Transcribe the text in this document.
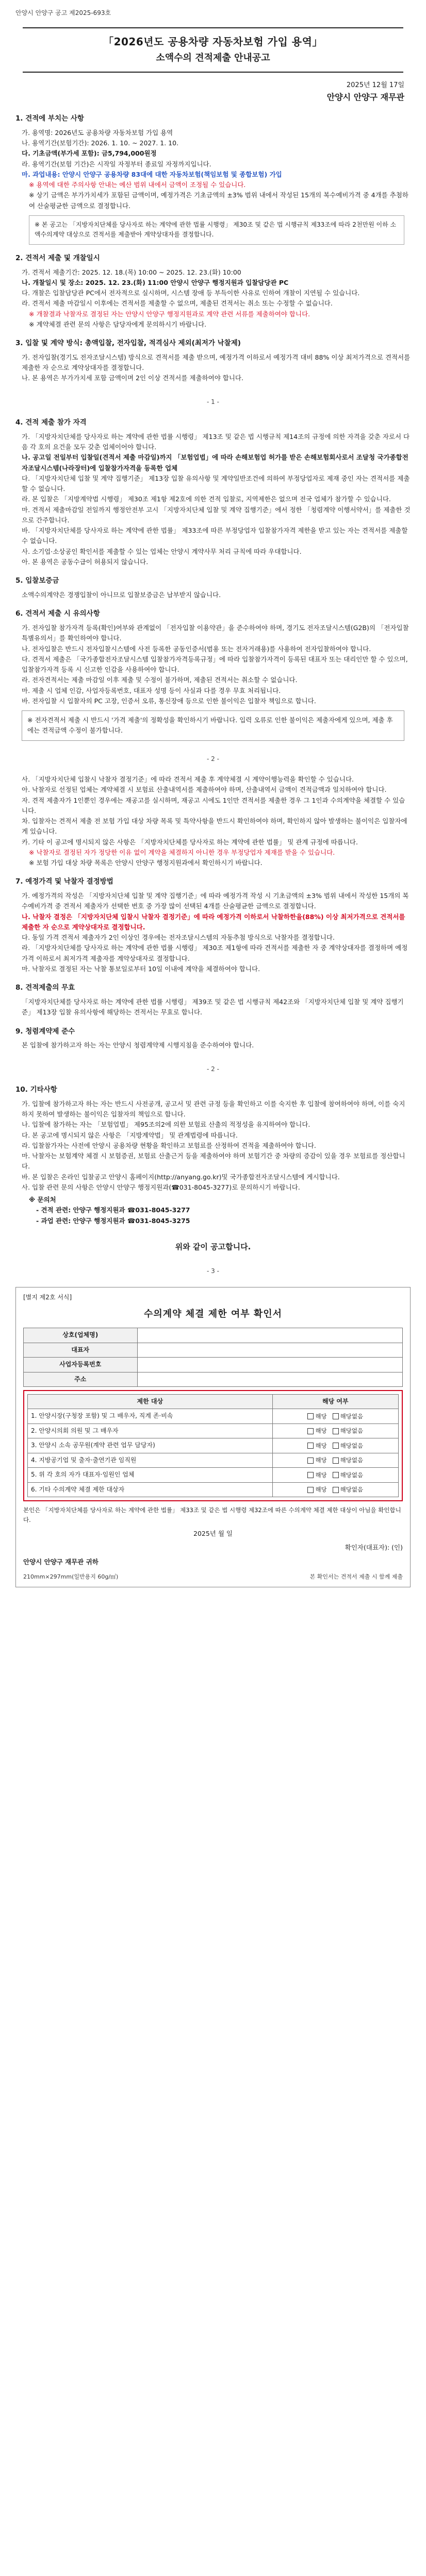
안양시 안양구 공고 제2025-693호
「2026년도 공용차량 자동차보험 가입 용역」
소액수의 견적제출 안내공고
2025년 12월 17일
안양시 안양구 재무관
1. 견적에 부치는 사항
가. 용역명: 2026년도 공용차량 자동차보험 가입 용역
나. 용역기간(보험기간): 2026. 1. 10. ~ 2027. 1. 10.
다. 기초금액(부가세 포함): 금5,794,000원정
라. 용역기간(보험 기간)은 시작일 자정부터 종료일 자정까지입니다.
마. 과업내용: 안양시 안양구 공용차량 83대에 대한 자동차보험(책임보험 및 종합보험) 가입
※ 용역에 대한 주의사항 안내는 예산 범위 내에서 금액이 조정될 수 있습니다.
※ 상기 금액은 부가가치세가 포함된 금액이며, 예정가격은 기초금액의 ±3% 범위 내에서 작성된 15개의 복수예비가격 중 4개를 추첨하여 산술평균한 금액으로 결정합니다.
※ 본 공고는 「지방자치단체를 당사자로 하는 계약에 관한 법률 시행령」 제30조 및 같은 법 시행규칙 제33조에 따라 2천만원 이하 소액수의계약 대상으로 견적서를 제출받아 계약상대자를 결정합니다.
2. 견적서 제출 및 개찰일시
가. 견적서 제출기간: 2025. 12. 18.(목) 10:00 ~ 2025. 12. 23.(화) 10:00
나. 개찰일시 및 장소: 2025. 12. 23.(화) 11:00 안양시 안양구 행정지원과 입찰담당관 PC
다. 개찰은 입찰담당관 PC에서 전자적으로 실시하며, 시스템 장애 등 부득이한 사유로 인하여 개찰이 지연될 수 있습니다.
라. 견적서 제출 마감일시 이후에는 견적서를 제출할 수 없으며, 제출된 견적서는 취소 또는 수정할 수 없습니다.
※ 개찰결과 낙찰자로 결정된 자는 안양시 안양구 행정지원과로 계약 관련 서류를 제출하여야 합니다.
※ 계약체결 관련 문의 사항은 담당자에게 문의하시기 바랍니다.
3. 입찰 및 계약 방식: 총액입찰, 전자입찰, 적격심사 제외(최저가 낙찰제)
가. 전자입찰(경기도 전자조달시스템) 방식으로 견적서를 제출 받으며, 예정가격 이하로서 예정가격 대비 88% 이상 최저가격으로 견적서를 제출한 자 순으로 계약상대자를 결정합니다.
나. 본 용역은 부가가치세 포함 금액이며 2인 이상 견적서를 제출하여야 합니다.
- 1 -
4. 견적 제출 참가 자격
가. 「지방자치단체를 당사자로 하는 계약에 관한 법률 시행령」 제13조 및 같은 법 시행규칙 제14조의 규정에 의한 자격을 갖춘 자로서 다음 각 호의 요건을 모두 갖춘 업체이어야 합니다.
나. 공고일 전일부터 입찰일(견적서 제출 마감일)까지 「보험업법」에 따라 손해보험업 허가를 받은 손해보험회사로서 조달청 국가종합전자조달시스템(나라장터)에 입찰참가자격을 등록한 업체
다. 「지방자치단체 입찰 및 계약 집행기준」 제13장 입찰 유의사항 및 계약일반조건에 의하여 부정당업자로 제재 중인 자는 견적서를 제출할 수 없습니다.
라. 본 입찰은 「지방계약법 시행령」 제30조 제1항 제2호에 의한 견적 입찰로, 지역제한은 없으며 전국 업체가 참가할 수 있습니다.
마. 견적서 제출마감일 전일까지 행정안전부 고시 「지방자치단체 입찰 및 계약 집행기준」에서 정한 「청렴계약 이행서약서」를 제출한 것으로 간주합니다.
바. 「지방자치단체를 당사자로 하는 계약에 관한 법률」 제33조에 따른 부정당업자 입찰참가자격 제한을 받고 있는 자는 견적서를 제출할 수 없습니다.
사. 소기업·소상공인 확인서를 제출할 수 있는 업체는 안양시 계약사무 처리 규칙에 따라 우대합니다.
아. 본 용역은 공동수급이 허용되지 않습니다.
5. 입찰보증금
소액수의계약은 경쟁입찰이 아니므로 입찰보증금은 납부받지 않습니다.
6. 견적서 제출 시 유의사항
가. 전자입찰 참가자격 등록(확인)여부와 관계없이 「전자입찰 이용약관」을 준수하여야 하며, 경기도 전자조달시스템(G2B)의 「전자입찰 특별유의서」를 확인하여야 합니다.
나. 전자입찰은 반드시 전자입찰시스템에 사전 등록한 공동인증서(범용 또는 전자거래용)를 사용하여 전자입찰하여야 합니다.
다. 견적서 제출은 「국가종합전자조달시스템 입찰참가자격등록규정」에 따라 입찰참가자격이 등록된 대표자 또는 대리인만 할 수 있으며, 입찰참가자격 등록 시 신고한 인감을 사용하여야 합니다.
라. 전자견적서는 제출 마감일 이후 제출 및 수정이 불가하며, 제출된 견적서는 취소할 수 없습니다.
마. 제출 시 업체 인감, 사업자등록번호, 대표자 성명 등이 사실과 다를 경우 무효 처리됩니다.
바. 전자입찰 시 입찰자의 PC 고장, 인증서 오류, 통신장애 등으로 인한 불이익은 입찰자 책임으로 합니다.
※ 전자견적서 제출 시 반드시 '가격 제출'의 정확성을 확인하시기 바랍니다. 입력 오류로 인한 불이익은 제출자에게 있으며, 제출 후에는 견적금액 수정이 불가합니다.
- 2 -
사. 「지방자치단체 입찰시 낙찰자 결정기준」에 따라 견적서 제출 후 계약체결 시 계약이행능력을 확인할 수 있습니다.
아. 낙찰자로 선정된 업체는 계약체결 시 보험료 산출내역서를 제출하여야 하며, 산출내역서 금액이 견적금액과 일치하여야 합니다.
자. 견적 제출자가 1인뿐인 경우에는 재공고를 실시하며, 재공고 시에도 1인만 견적서를 제출한 경우 그 1인과 수의계약을 체결할 수 있습니다.
차. 입찰자는 견적서 제출 전 보험 가입 대상 차량 목록 및 특약사항을 반드시 확인하여야 하며, 확인하지 않아 발생하는 불이익은 입찰자에게 있습니다.
카. 기타 이 공고에 명시되지 않은 사항은 「지방자치단체를 당사자로 하는 계약에 관한 법률」 및 관계 규정에 따릅니다.
※ 낙찰자로 결정된 자가 정당한 이유 없이 계약을 체결하지 아니한 경우 부정당업자 제재를 받을 수 있습니다.
※ 보험 가입 대상 차량 목록은 안양시 안양구 행정지원과에서 확인하시기 바랍니다.
7. 예정가격 및 낙찰자 결정방법
가. 예정가격의 작성은 「지방자치단체 입찰 및 계약 집행기준」에 따라 예정가격 작성 시 기초금액의 ±3% 범위 내에서 작성한 15개의 복수예비가격 중 견적서 제출자가 선택한 번호 중 가장 많이 선택된 4개를 산술평균한 금액으로 결정합니다.
나. 낙찰자 결정은 「지방자치단체 입찰시 낙찰자 결정기준」에 따라 예정가격 이하로서 낙찰하한율(88%) 이상 최저가격으로 견적서를 제출한 자 순으로 계약상대자로 결정합니다.
다. 동일 가격 견적서 제출자가 2인 이상인 경우에는 전자조달시스템의 자동추첨 방식으로 낙찰자를 결정합니다.
라. 「지방자치단체를 당사자로 하는 계약에 관한 법률 시행령」 제30조 제1항에 따라 견적서를 제출한 자 중 계약상대자를 결정하며 예정가격 이하로서 최저가격 제출자를 계약상대자로 결정합니다.
마. 낙찰자로 결정된 자는 낙찰 통보일로부터 10일 이내에 계약을 체결하여야 합니다.
8. 견적제출의 무효
「지방자치단체를 당사자로 하는 계약에 관한 법률 시행령」 제39조 및 같은 법 시행규칙 제42조와 「지방자치단체 입찰 및 계약 집행기준」 제13장 입찰 유의사항에 해당하는 견적서는 무효로 합니다.
9. 청렴계약제 준수
본 입찰에 참가하고자 하는 자는 안양시 청렴계약제 시행지침을 준수하여야 합니다.
- 2 -
10. 기타사항
가. 입찰에 참가하고자 하는 자는 반드시 사전공개, 공고서 및 관련 규정 등을 확인하고 이를 숙지한 후 입찰에 참여하여야 하며, 이를 숙지하지 못하여 발생하는 불이익은 입찰자의 책임으로 합니다.
나. 입찰에 참가하는 자는 「보험업법」 제95조의2에 의한 보험료 산출의 적정성을 유지하여야 합니다.
다. 본 공고에 명시되지 않은 사항은 「지방계약법」 및 관계법령에 따릅니다.
라. 입찰참가자는 사전에 안양시 공용차량 현황을 확인하고 보험료를 산정하여 견적을 제출하여야 합니다.
마. 낙찰자는 보험계약 체결 시 보험증권, 보험료 산출근거 등을 제출하여야 하며 보험기간 중 차량의 증감이 있을 경우 보험료를 정산합니다.
바. 본 입찰은 온라인 입찰공고 안양시 홈페이지(http://anyang.go.kr)및 국가종합전자조달시스템에 게시합니다.
사. 입찰 관련 문의 사항은 안양시 안양구 행정지원과(☎031-8045-3277)로 문의하시기 바랍니다.
※ 문의처
- 견적 관련: 안양구 행정지원과 ☎031-8045-3277
- 과업 관련: 안양구 행정지원과 ☎031-8045-3275
위와 같이 공고합니다.
- 3 -
[별지 제2호 서식]
수의계약 체결 제한 여부 확인서
상호(업체명)	
대표자	
사업자등록번호	
주소	
제한 대상	해당 여부
1. 안양시장(구청장 포함) 및 그 배우자, 직계 존·비속	해당 해당없음
2. 안양시의회 의원 및 그 배우자	해당 해당없음
3. 안양시 소속 공무원(계약 관련 업무 담당자)	해당 해당없음
4. 지방공기업 및 출자·출연기관 임직원	해당 해당없음
5. 위 각 호의 자가 대표자·임원인 업체	해당 해당없음
6. 기타 수의계약 체결 제한 대상자	해당 해당없음
본인은 「지방자치단체를 당사자로 하는 계약에 관한 법률」 제33조 및 같은 법 시행령 제32조에 따른 수의계약 체결 제한 대상이 아님을 확인합니다.
2025년 월 일
확인자(대표자): (인)
안양시 안양구 재무관 귀하
210mm×297mm(일반용지 60g/㎡)	본 확인서는 견적서 제출 시 함께 제출
